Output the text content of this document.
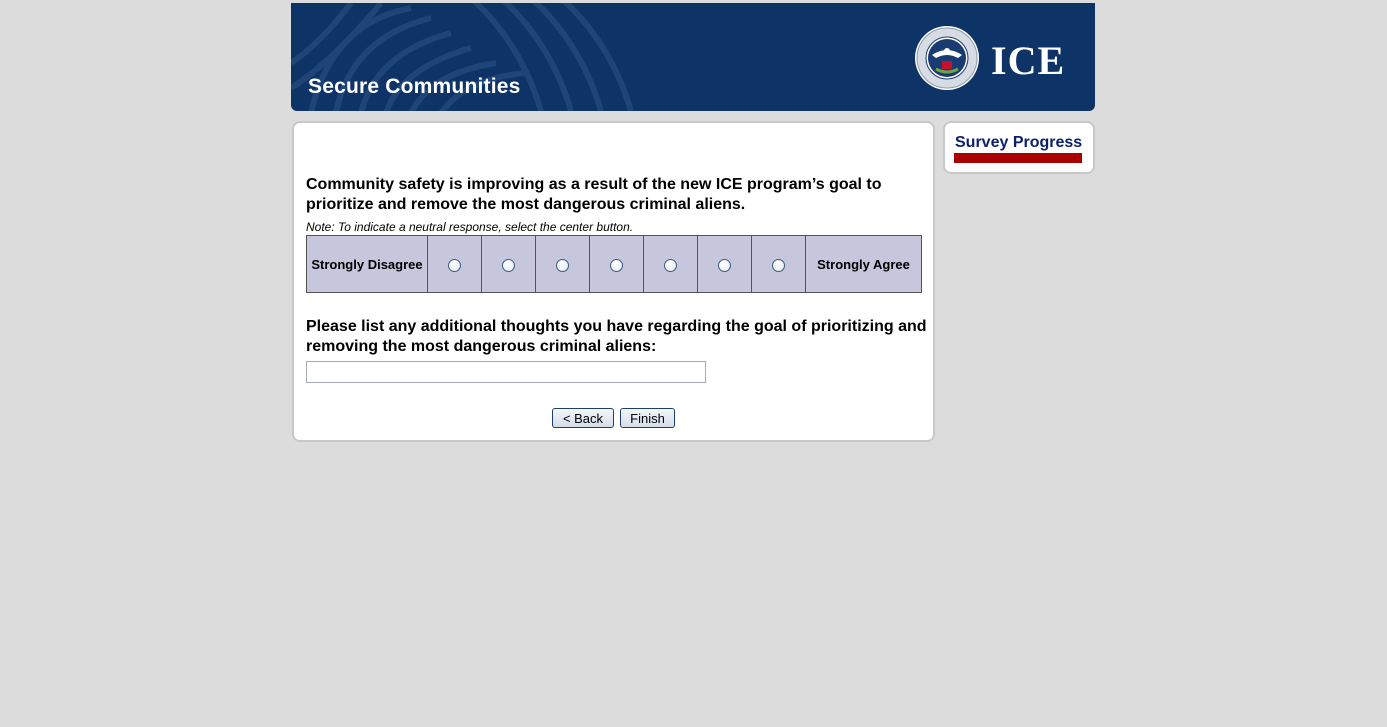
Secure Communities
ICE
Community safety is improving as a result of the new ICE program’s goal to prioritize and remove the most dangerous criminal aliens.
Note: To indicate a neutral response, select the center button.
Strongly Disagree								Strongly Agree
Please list any additional thoughts you have regarding the goal of prioritizing and removing the most dangerous criminal aliens:
< Back	Finish
Survey Progress
